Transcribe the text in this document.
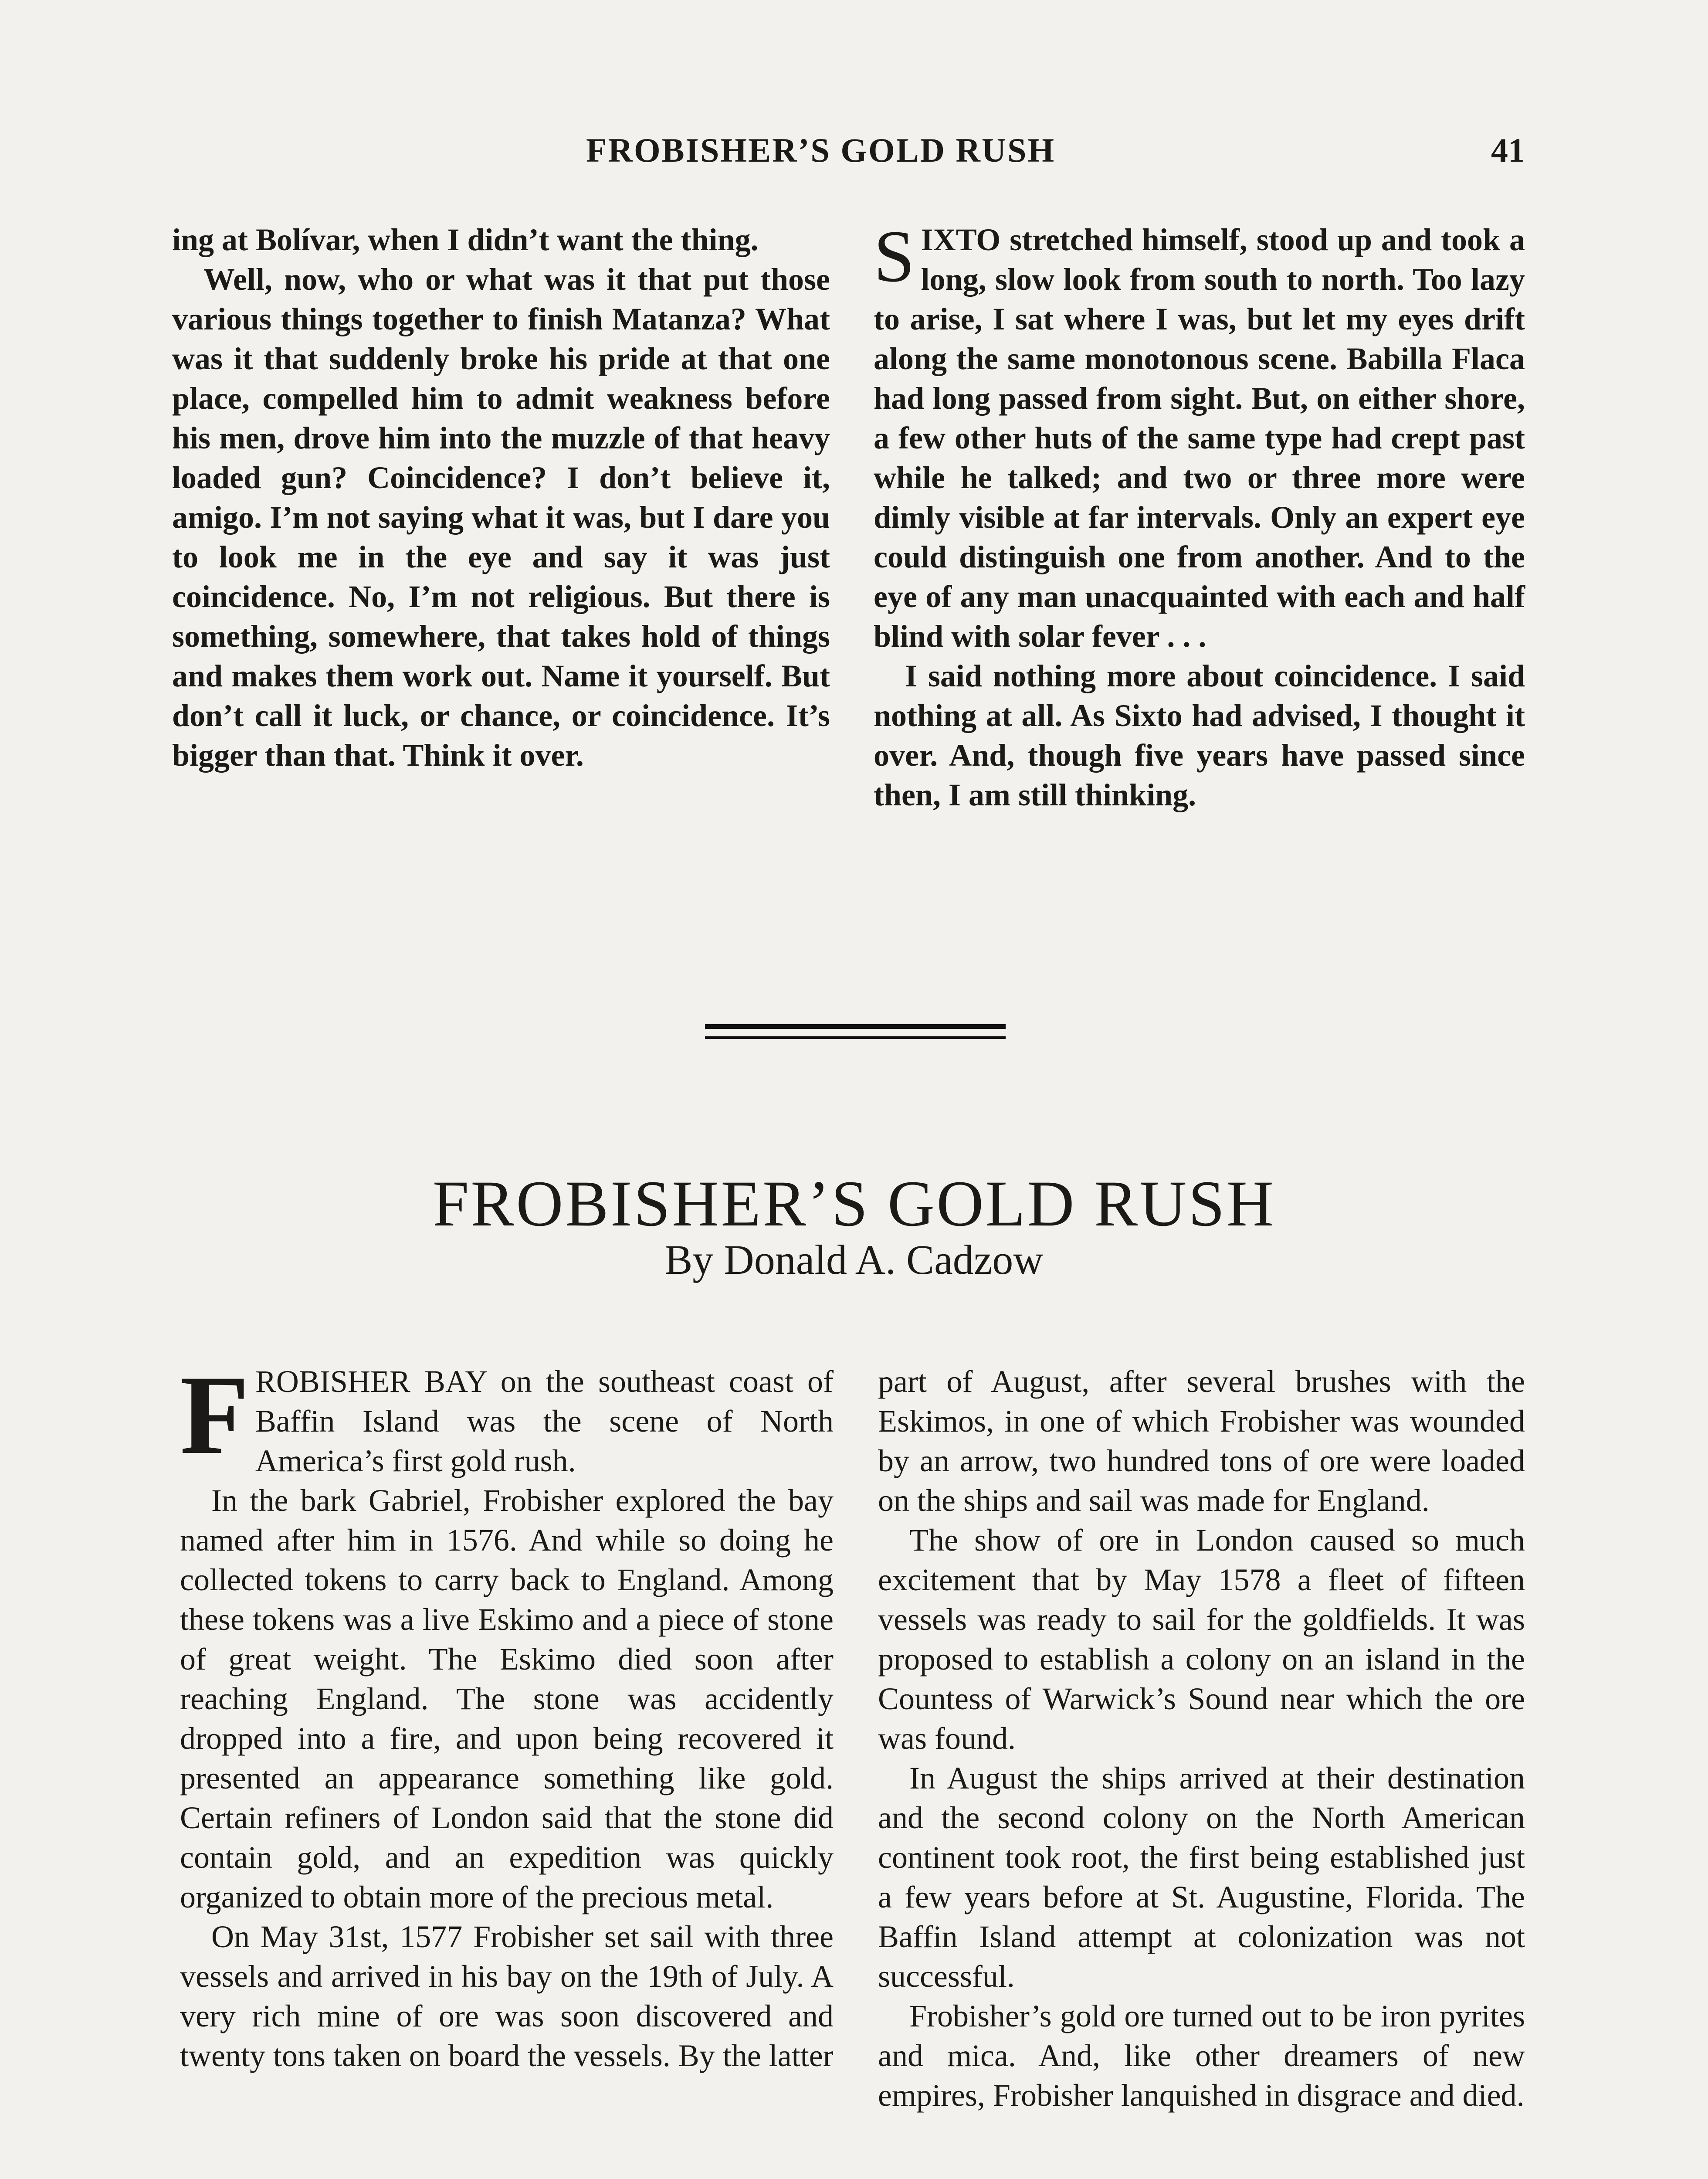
FROBISHER’S GOLD RUSH	41

ing at Bolívar, when I didn’t want the thing.

Well, now, who or what was it that put those various things together to finish Matanza? What was it that suddenly broke his pride at that one place, compelled him to admit weakness before his men, drove him into the muzzle of that heavy loaded gun? Coincidence? I don’t believe it, amigo. I’m not saying what it was, but I dare you to look me in the eye and say it was just coincidence. No, I’m not religious. But there is something, somewhere, that takes hold of things and makes them work out. Name it yourself. But don’t call it luck, or chance, or coincidence. It’s bigger than that. Think it over.

S IXTO stretched himself, stood up and took a long, slow look from south to north. Too lazy to arise, I sat where I was, but let my eyes drift along the same monotonous scene. Babilla Flaca had long passed from sight. But, on either shore, a few other huts of the same type had crept past while he talked; and two or three more were dimly visible at far intervals. Only an expert eye could distinguish one from another. And to the eye of any man unacquainted with each and half blind with solar fever . . .

I said nothing more about coincidence. I said nothing at all. As Sixto had advised, I thought it over. And, though five years have passed since then, I am still thinking.

FROBISHER’S GOLD RUSH
By Donald A. Cadzow
F ROBISHER BAY on the southeast coast of Baffin Island was the scene of North America’s first gold rush.

In the bark Gabriel, Frobisher explored the bay named after him in 1576. And while so doing he collected tokens to carry back to England. Among these tokens was a live Eskimo and a piece of stone of great weight. The Eskimo died soon after reaching England. The stone was accidently dropped into a fire, and upon being recovered it presented an appearance something like gold. Certain refiners of London said that the stone did contain gold, and an expedition was quickly organized to obtain more of the precious metal.

On May 31st, 1577 Frobisher set sail with three vessels and arrived in his bay on the 19th of July. A very rich mine of ore was soon discovered and twenty tons taken on board the vessels. By the latter

part of August, after several brushes with the Eskimos, in one of which Frobisher was wounded by an arrow, two hundred tons of ore were loaded on the ships and sail was made for England.

The show of ore in London caused so much excitement that by May 1578 a fleet of fifteen vessels was ready to sail for the goldfields. It was proposed to establish a colony on an island in the Countess of Warwick’s Sound near which the ore was found.

In August the ships arrived at their destination and the second colony on the North American continent took root, the first being established just a few years before at St. Augustine, Florida. The Baffin Island attempt at colonization was not successful.

Frobisher’s gold ore turned out to be iron pyrites and mica. And, like other dreamers of new empires, Frobisher lanquished in disgrace and died.
